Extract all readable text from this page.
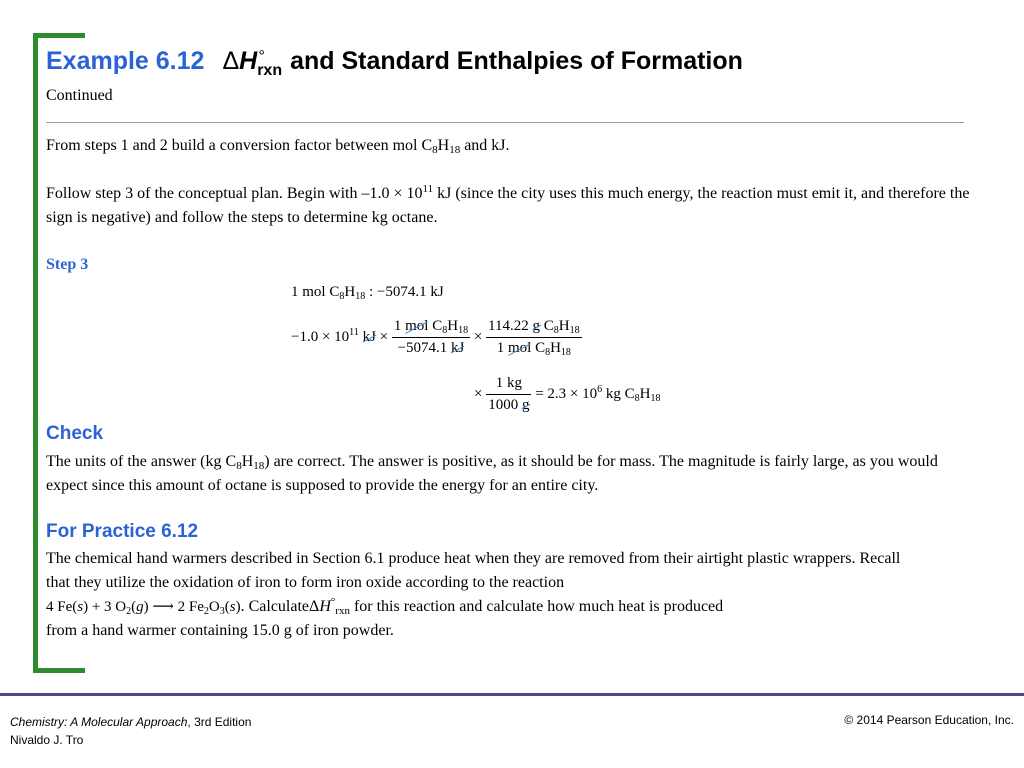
Example 6.12 ΔH °
$_{rxn}$ and Standard Enthalpies of Formation
Continued

From steps 1 and 2 build a conversion factor between mol $C_8H_{18}$ and kJ.

Follow step 3 of the conceptual plan. Begin with $-1.0 \times 10^{11}$ kJ (since the city uses this much energy, the reaction must emit it, and therefore the sign is negative) and follow the steps to determine kg octane.

Step 3
1 mol $C_8H_{18}$ : −5074.1 kJ
$-1.0 \times 10^{11}$ kJ × $\frac{1 mol C_8H_{18}}{-5074.1 kJ} \times \frac{114.22 g C_8H_{18}}{1 mol C_8H_{18}}$
× $\frac{1 kg}{1000 g} = 2.3 \times 10^6$ kg $C_8H_{18}$
Check

The units of the answer (kg $C_8H_{18}$) are correct. The answer is positive, as it should be for mass. The magnitude is fairly large, as you would expect since this amount of octane is supposed to provide the energy for an entire city.

For Practice 6.12

The chemical hand warmers described in Section 6.1 produce heat when they are removed from their airtight plastic wrappers. Recall that they utilize the oxidation of iron to form iron oxide according to the reaction

4 Fe(s) + 3 $O_2(g)$ ⟶ 2 $Fe_2O_3(s)$. CalculateΔH°$_{rxn}$ for this reaction and calculate how much heat is produced

from a hand warmer containing 15.0 g of iron powder.

Chemistry: A Molecular Approach, 3rd Edition
Nivaldo J. Tro
© 2014 Pearson Education, Inc.
